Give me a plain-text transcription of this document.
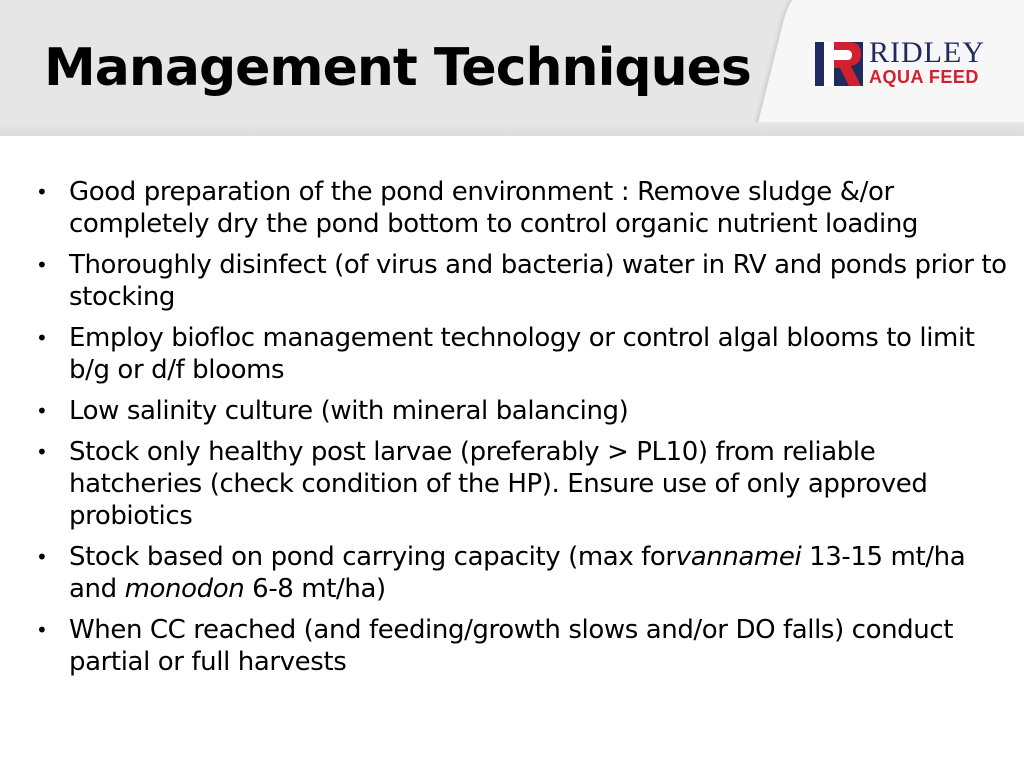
Management Techniques	RIDLEY
AQUA FEED
• Good preparation of the pond environment : Remove sludge &/or completely dry the pond bottom to control organic nutrient loading
• Thoroughly disinfect (of virus and bacteria) water in RV and ponds prior to stocking
• Employ biofloc management technology or control algal blooms to limit b/g or d/f blooms
• Low salinity culture (with mineral balancing)
• Stock only healthy post larvae (preferably > PL10) from reliable hatcheries (check condition of the HP). Ensure use of only approved probiotics
• Stock based on pond carrying capacity (max forvannamei 13-15 mt/ha and monodon 6-8 mt/ha)
• When CC reached (and feeding/growth slows and/or DO falls) conduct partial or full harvests
